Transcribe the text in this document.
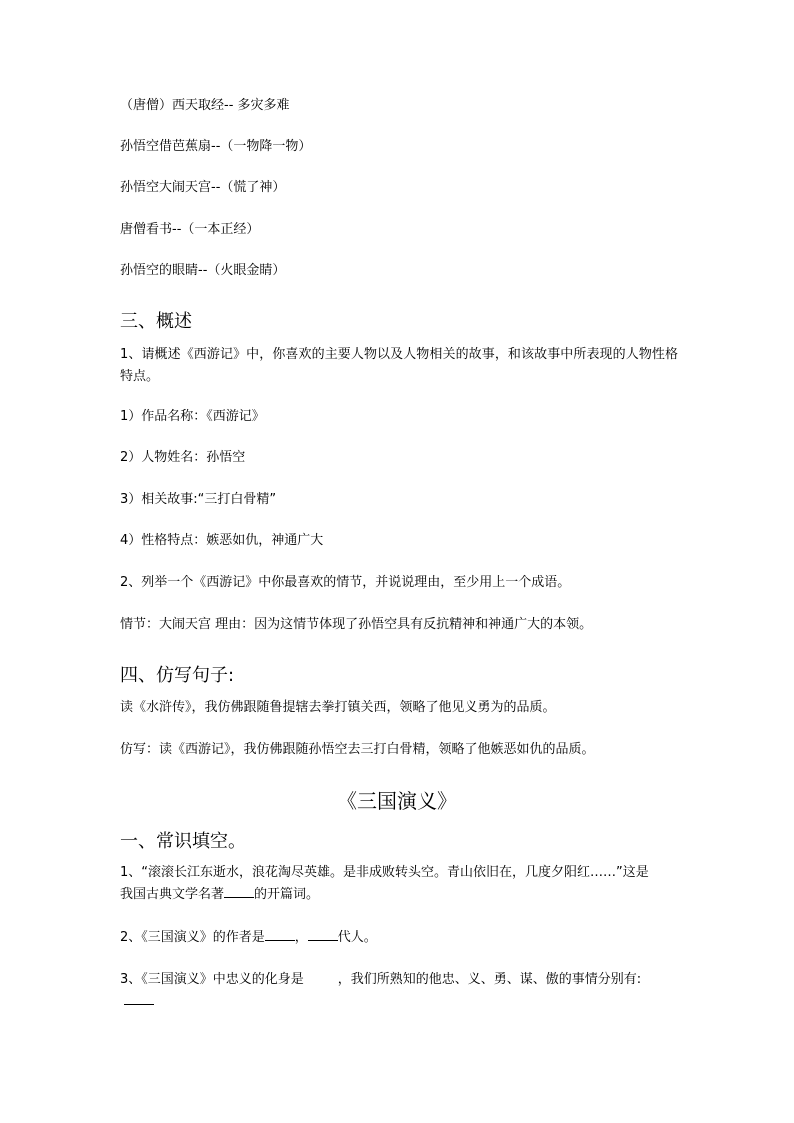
（唐僧）西天取经-- 多灾多难
孙悟空借芭蕉扇--（一物降一物）
孙悟空大闹天宫--（慌了神）
唐僧看书--（一本正经）
孙悟空的眼睛--（火眼金睛）
三、概述
1、请概述《西游记》中，你喜欢的主要人物以及人物相关的故事，和该故事中所表现的人物性格特点。
1）作品名称：《西游记》
2）人物姓名：孙悟空
3）相关故事:“三打白骨精”
4）性格特点：嫉恶如仇，神通广大
2、列举一个《西游记》中你最喜欢的情节，并说说理由，至少用上一个成语。
情节：大闹天宫 理由：因为这情节体现了孙悟空具有反抗精神和神通广大的本领。
四、仿写句子:
读《水浒传》，我仿佛跟随鲁提辖去拳打镇关西，领略了他见义勇为的品质。
仿写：读《西游记》，我仿佛跟随孙悟空去三打白骨精，领略了他嫉恶如仇的品质。
《三国演义》
一、常识填空。
1、“滚滚长江东逝水，浪花淘尽英雄。是非成败转头空。青山依旧在，几度夕阳红……”这是
我国古典文学名著 的开篇词。
2、《三国演义》的作者是 ， 代人。
3、《三国演义》中忠义的化身是	，我们所熟知的他忠、义、勇、谋、傲的事情分别有:
